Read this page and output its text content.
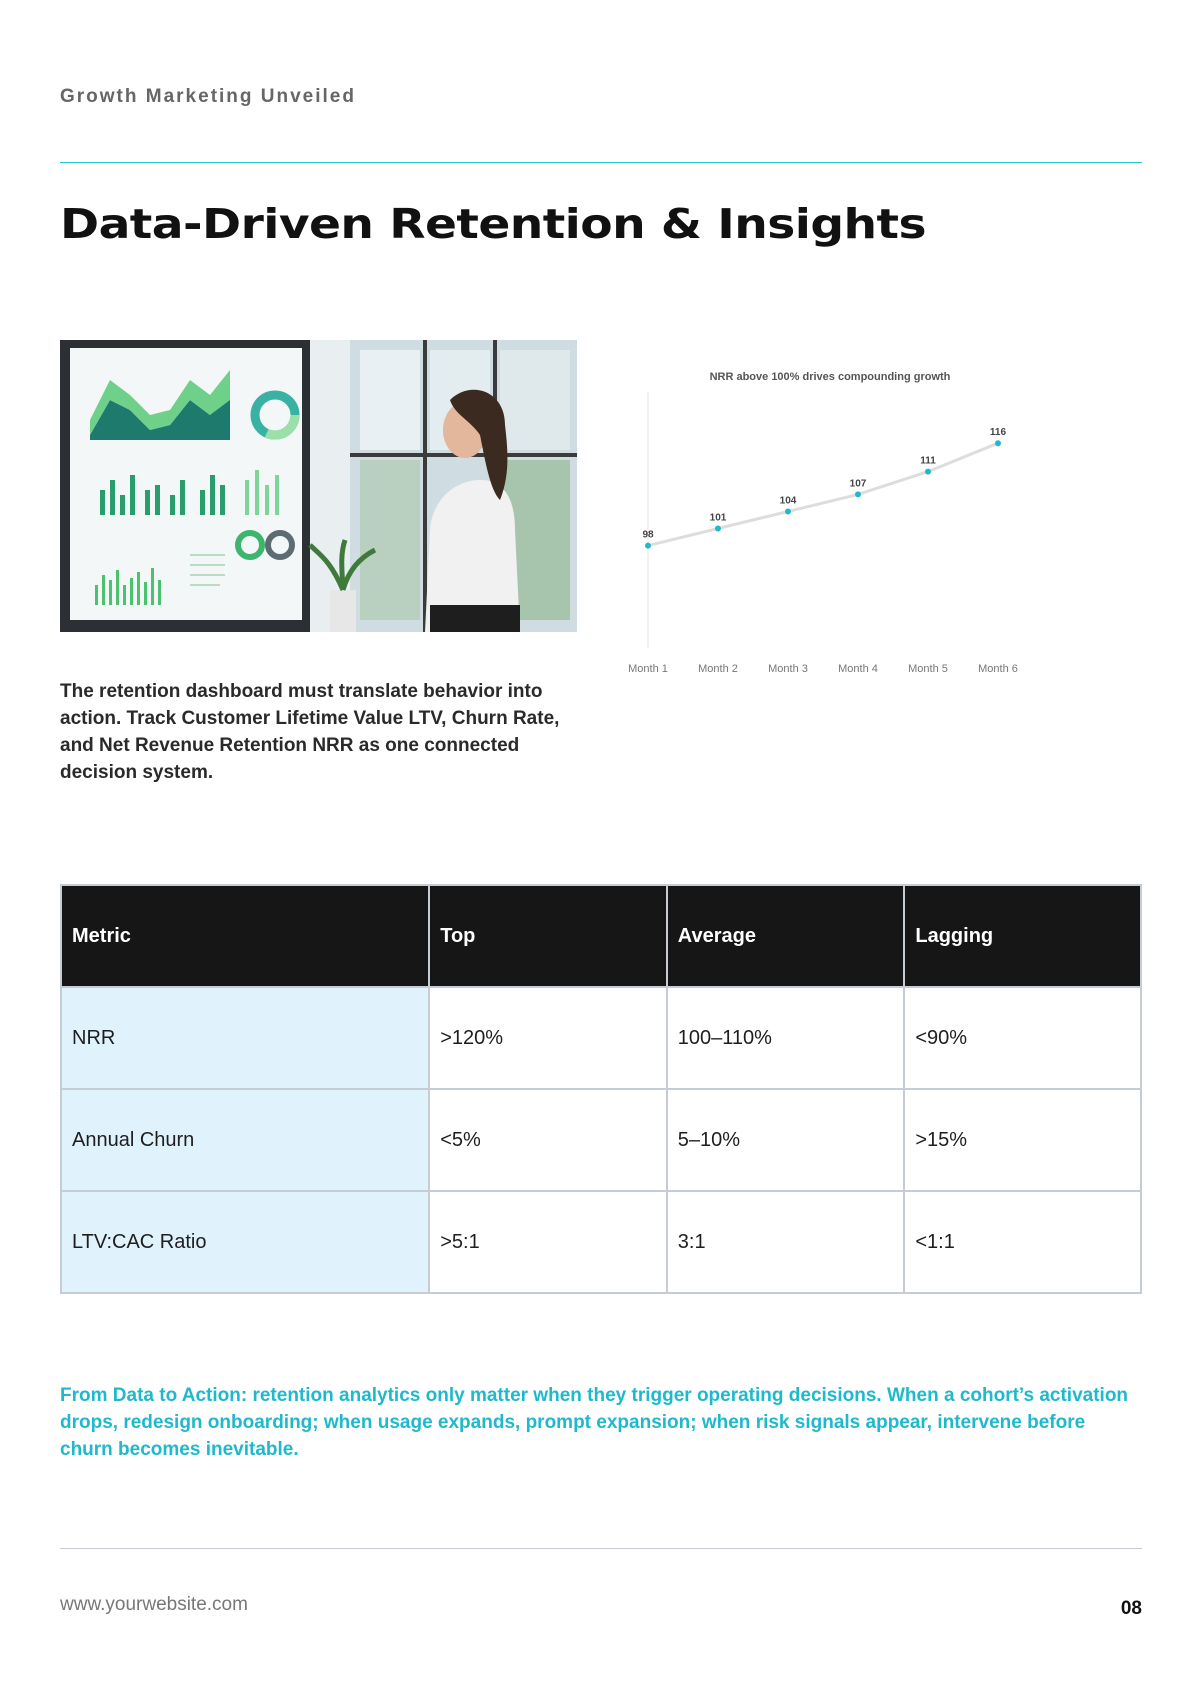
Growth Marketing Unveiled
Data-Driven Retention & Insights

The retention dashboard must translate behavior into action. Track Customer Lifetime Value LTV, Churn Rate, and Net Revenue Retention NRR as one connected decision system.

NRR above 100% drives compounding growth
98
101
104
107
111
116
Month 1	Month 2	Month 3	Month 4	Month 5	Month 6
Metric	Top	Average	Lagging
NRR	>120%	100–110%	<90%
Annual Churn	<5%	5–10%	>15%
LTV:CAC Ratio	>5:1	3:1	<1:1

From Data to Action: retention analytics only matter when they trigger operating decisions. When a cohort’s activation drops, redesign onboarding; when usage expands, prompt expansion; when risk signals appear, intervene before churn becomes inevitable.

www.yourwebsite.com	08
